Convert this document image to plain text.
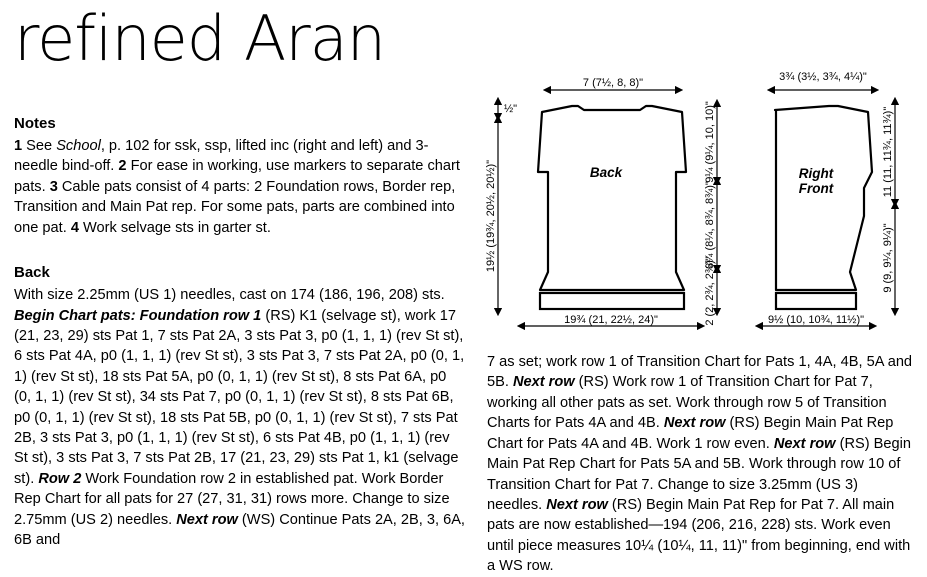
refined Aran
Notes

1 See School, p. 102 for ssk, ssp, lifted inc (right and left) and 3-needle bind-off. 2 For ease in working, use markers to separate chart pats. 3 Cable pats consist of 4 parts: 2 Foundation rows, Border rep, Transition and Main Pat rep. For some pats, parts are combined into one pat. 4 Work selvage sts in garter st.

Back

With size 2.25mm (US 1) needles, cast on 174 (186, 196, 208) sts. Begin Chart pats: Foundation row 1 (RS) K1 (selvage st), work 17 (21, 23, 29) sts Pat 1, 7 sts Pat 2A, 3 sts Pat 3, p0 (1, 1, 1) (rev St st), 6 sts Pat 4A, p0 (1, 1, 1) (rev St st), 3 sts Pat 3, 7 sts Pat 2A, p0 (0, 1, 1) (rev St st), 18 sts Pat 5A, p0 (0, 1, 1) (rev St st), 8 sts Pat 6A, p0 (0, 1, 1) (rev St st), 34 sts Pat 7, p0 (0, 1, 1) (rev St st), 8 sts Pat 6B, p0 (0, 1, 1) (rev St st), 18 sts Pat 5B, p0 (0, 1, 1) (rev St st), 7 sts Pat 2B, 3 sts Pat 3, p0 (1, 1, 1) (rev St st), 6 sts Pat 4B, p0 (1, 1, 1) (rev St st), 3 sts Pat 3, 7 sts Pat 2B, 17 (21, 23, 29) sts Pat 1, k1 (selvage st). Row 2 Work Foundation row 2 in established pat. Work Border Rep Chart for all pats for 27 (27, 31, 31) rows more. Change to size 2.75mm (US 2) needles. Next row (WS) Continue Pats 2A, 2B, 3, 6A, 6B and

7 as set; work row 1 of Transition Chart for Pats 1, 4A, 4B, 5A and 5B. Next row (RS) Work row 1 of Transition Chart for Pat 7, working all other pats as set. Work through row 5 of Transition Charts for Pats 4A and 4B. Next row (RS) Begin Main Pat Rep Chart for Pats 4A and 4B. Work 1 row even. Next row (RS) Begin Main Pat Rep Chart for Pats 5A and 5B. Work through row 10 of Transition Chart for Pat 7. Change to size 3.25mm (US 3) needles. Next row (RS) Begin Main Pat Rep for Pat 7. All main pats are now established—194 (206, 216, 228) sts. Work even until piece measures 10¼ (10¼, 11, 11)" from beginning, end with a WS row.

Back	Right
Front
7 (7½, 8, 8)"	3¾ (3½, 3¾, 4¼)"
½"
19½ (19¾, 20½, 20½)"
19¾ (21, 22½, 24)"
9¼ (9¼, 10, 10)"
8¼ (8¼, 8¾, 8¾)"
2 (2, 2¾, 2¾)"	9½ (10, 10¾, 11½)"
11 (11, 11¾, 11¾)"
9 (9, 9¼, 9¼)"
